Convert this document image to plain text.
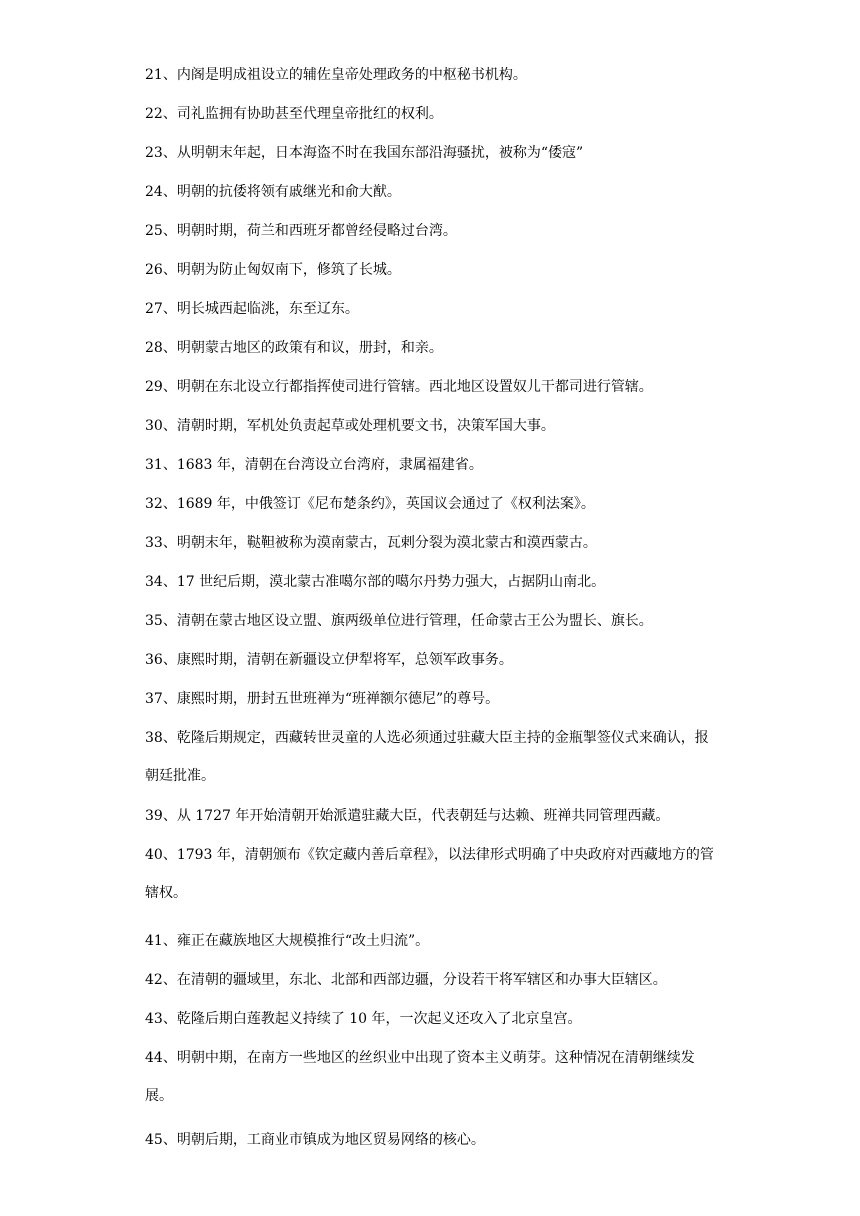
21、内阁是明成祖设立的辅佐皇帝处理政务的中枢秘书机构。

22、司礼监拥有协助甚至代理皇帝批红的权利。

23、从明朝末年起，日本海盗不时在我国东部沿海骚扰，被称为“倭寇”

24、明朝的抗倭将领有戚继光和俞大猷。

25、明朝时期，荷兰和西班牙都曾经侵略过台湾。

26、明朝为防止匈奴南下，修筑了长城。

27、明长城西起临洮，东至辽东。

28、明朝蒙古地区的政策有和议，册封，和亲。

29、明朝在东北设立行都指挥使司进行管辖。西北地区设置奴儿干都司进行管辖。

30、清朝时期，军机处负责起草或处理机要文书，决策军国大事。

31、1683 年，清朝在台湾设立台湾府，隶属福建省。

32、1689 年，中俄签订《尼布楚条约》，英国议会通过了《权利法案》。

33、明朝末年，鞑靼被称为漠南蒙古，瓦剌分裂为漠北蒙古和漠西蒙古。

34、17 世纪后期，漠北蒙古准噶尔部的噶尔丹势力强大，占据阴山南北。

35、清朝在蒙古地区设立盟、旗两级单位进行管理，任命蒙古王公为盟长、旗长。

36、康熙时期，清朝在新疆设立伊犁将军，总领军政事务。

37、康熙时期，册封五世班禅为“班禅额尔德尼”的尊号。

38、乾隆后期规定，西藏转世灵童的人选必须通过驻藏大臣主持的金瓶掣签仪式来确认，报朝廷批准。

39、从 1727 年开始清朝开始派遣驻藏大臣，代表朝廷与达赖、班禅共同管理西藏。

40、1793 年，清朝颁布《钦定藏内善后章程》，以法律形式明确了中央政府对西藏地方的管辖权。

41、雍正在藏族地区大规模推行“改土归流”。

42、在清朝的疆域里，东北、北部和西部边疆，分设若干将军辖区和办事大臣辖区。

43、乾隆后期白莲教起义持续了 10 年，一次起义还攻入了北京皇宫。

44、明朝中期，在南方一些地区的丝织业中出现了资本主义萌芽。这种情况在清朝继续发展。

45、明朝后期，工商业市镇成为地区贸易网络的核心。
